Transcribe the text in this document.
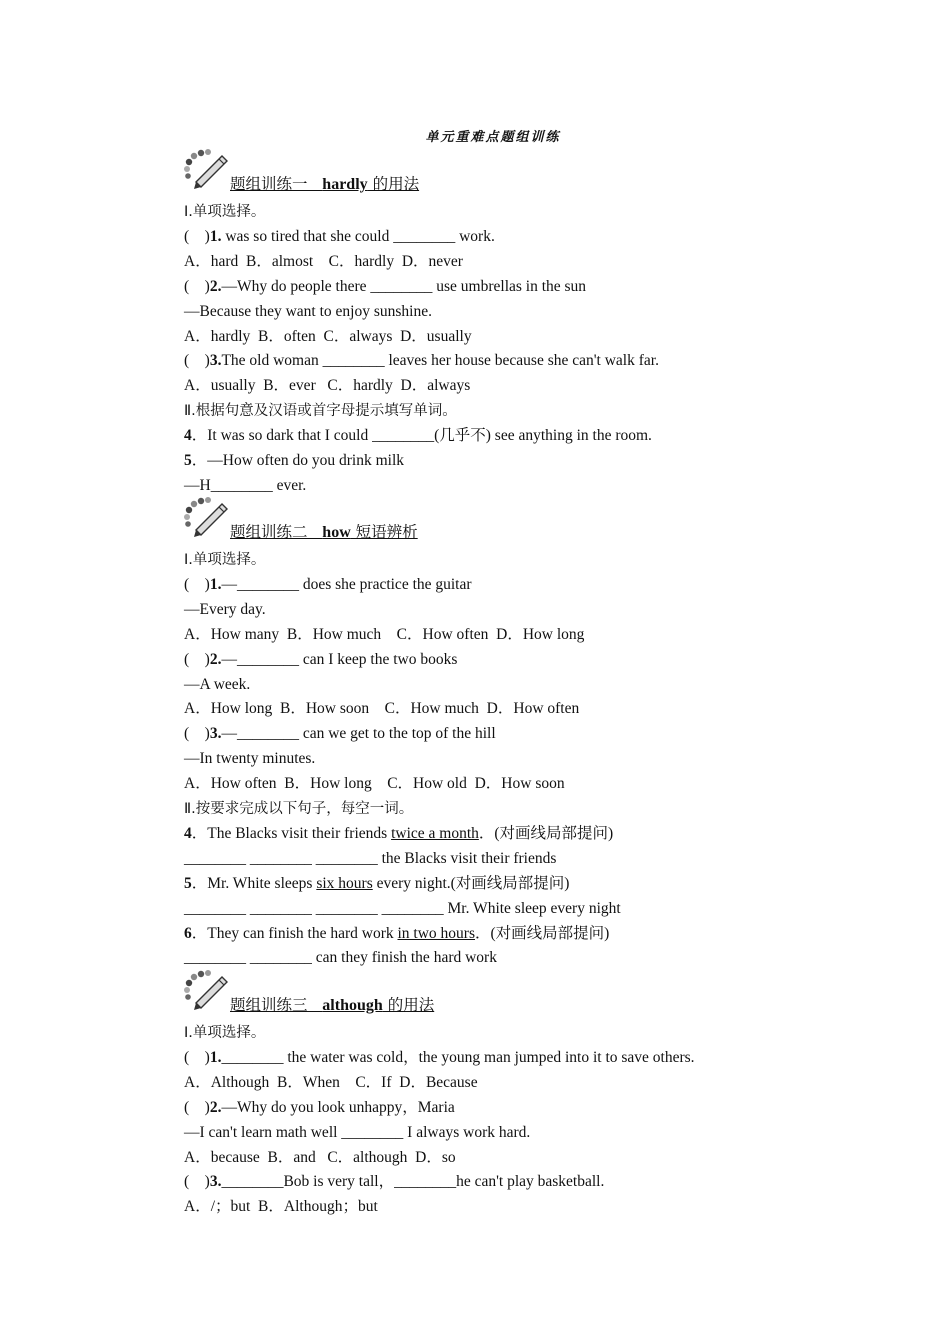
单元重难点题组训练
题组训练一   hardly 的用法
Ⅰ.单项选择。
(    )1. was so tired that she could ________ work.
A．hard  B．almost    C．hardly  D．never
(    )2.—Why do people there ________ use umbrellas in the sun
—Because they want to enjoy sunshine.
A．hardly  B．often  C．always  D．usually
(    )3.The old woman ________ leaves her house because she can't walk far.
A．usually  B．ever   C．hardly  D．always
Ⅱ.根据句意及汉语或首字母提示填写单词。
4．It was so dark that I could ________(几乎不) see anything in the room.
5．—How often do you drink milk
—H________ ever.
题组训练二   how 短语辨析
Ⅰ.单项选择。
(    )1.—________ does she practice the guitar
—Every day.
A．How many  B．How much    C．How often  D．How long
(    )2.—________ can I keep the two books
—A week.
A．How long  B．How soon    C．How much  D．How often
(    )3.—________ can we get to the top of the hill
—In twenty minutes.
A．How often  B．How long    C．How old  D．How soon
Ⅱ.按要求完成以下句子，每空一词。
4．The Blacks visit their friends twice a month．(对画线局部提问)
________ ________ ________ the Blacks visit their friends
5．Mr. White sleeps six hours every night.(对画线局部提问)
________ ________ ________ ________ Mr. White sleep every night
6．They can finish the hard work in two hours．(对画线局部提问)
________ ________ can they finish the hard work
题组训练三   although 的用法
Ⅰ.单项选择。
(    )1.________ the water was cold，the young man jumped into it to save others.
A．Although  B．When    C．If  D．Because
(    )2.—Why do you look unhappy，Maria
—I can't learn math well ________ I always work hard.
A．because  B．and   C．although  D．so
(    )3.________Bob is very tall，________he can't play basketball.
A．/；but  B．Although；but
